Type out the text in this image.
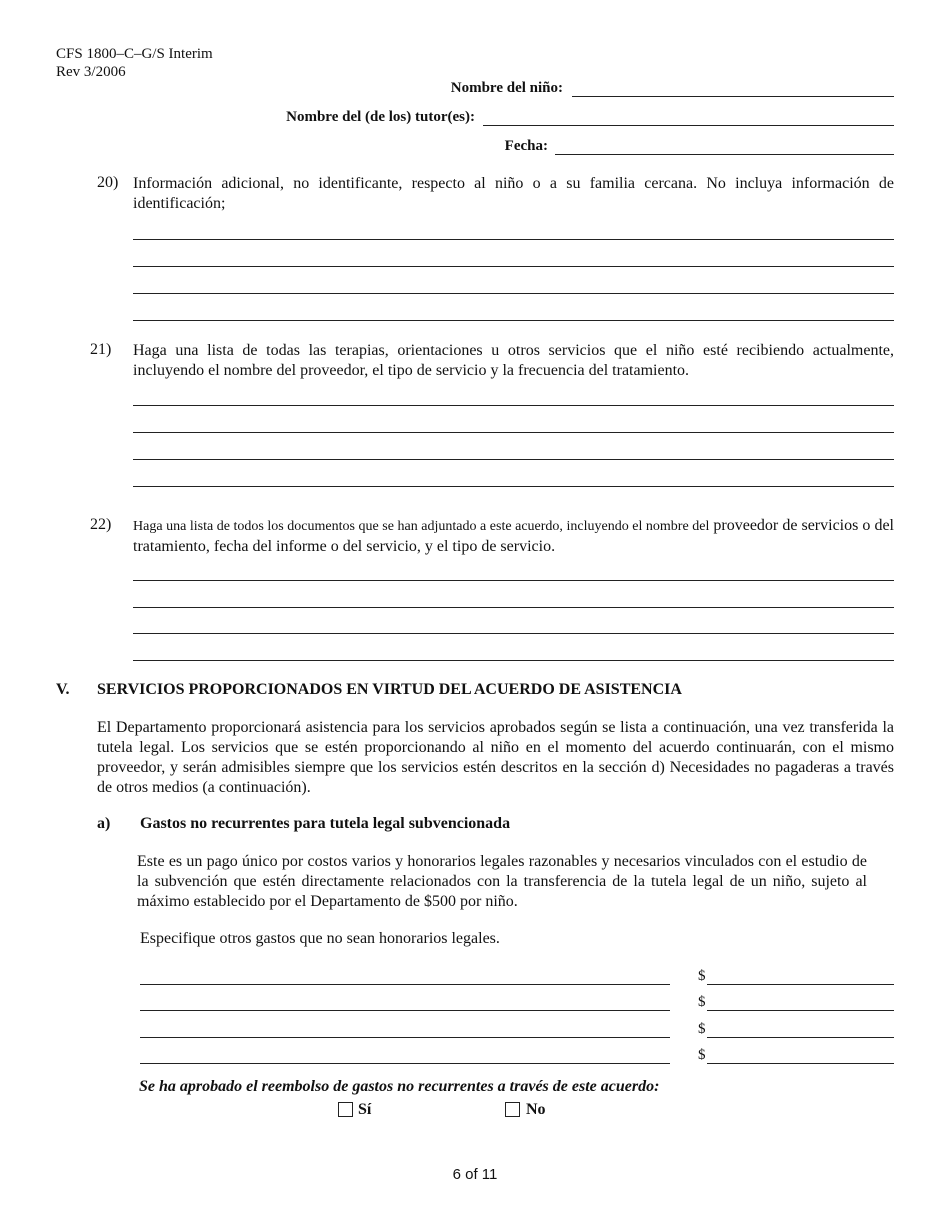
CFS 1800–C–G/S Interim
Rev 3/2006
Nombre del niño:
Nombre del (de los) tutor(es):
Fecha:
20) Información adicional, no identificante, respecto al niño o a su familia cercana. No incluya información de identificación;
21) Haga una lista de todas las terapias, orientaciones u otros servicios que el niño esté recibiendo actualmente, incluyendo el nombre del proveedor, el tipo de servicio y la frecuencia del tratamiento.
22) Haga una lista de todos los documentos que se han adjuntado a este acuerdo, incluyendo el nombre del proveedor de servicios o del tratamiento, fecha del informe o del servicio, y el tipo de servicio.
V. SERVICIOS PROPORCIONADOS EN VIRTUD DEL ACUERDO DE ASISTENCIA
El Departamento proporcionará asistencia para los servicios aprobados según se lista a continuación, una vez transferida la tutela legal. Los servicios que se estén proporcionando al niño en el momento del acuerdo continuarán, con el mismo proveedor, y serán admisibles siempre que los servicios estén descritos en la sección d) Necesidades no pagaderas a través de otros medios (a continuación).
a) Gastos no recurrentes para tutela legal subvencionada
Este es un pago único por costos varios y honorarios legales razonables y necesarios vinculados con el estudio de la subvención que estén directamente relacionados con la transferencia de la tutela legal de un niño, sujeto al máximo establecido por el Departamento de $500 por niño.
Especifique otros gastos que no sean honorarios legales.
$
$
$
$
Se ha aprobado el reembolso de gastos no recurrentes a través de este acuerdo:
Sí	No
6 of 11
